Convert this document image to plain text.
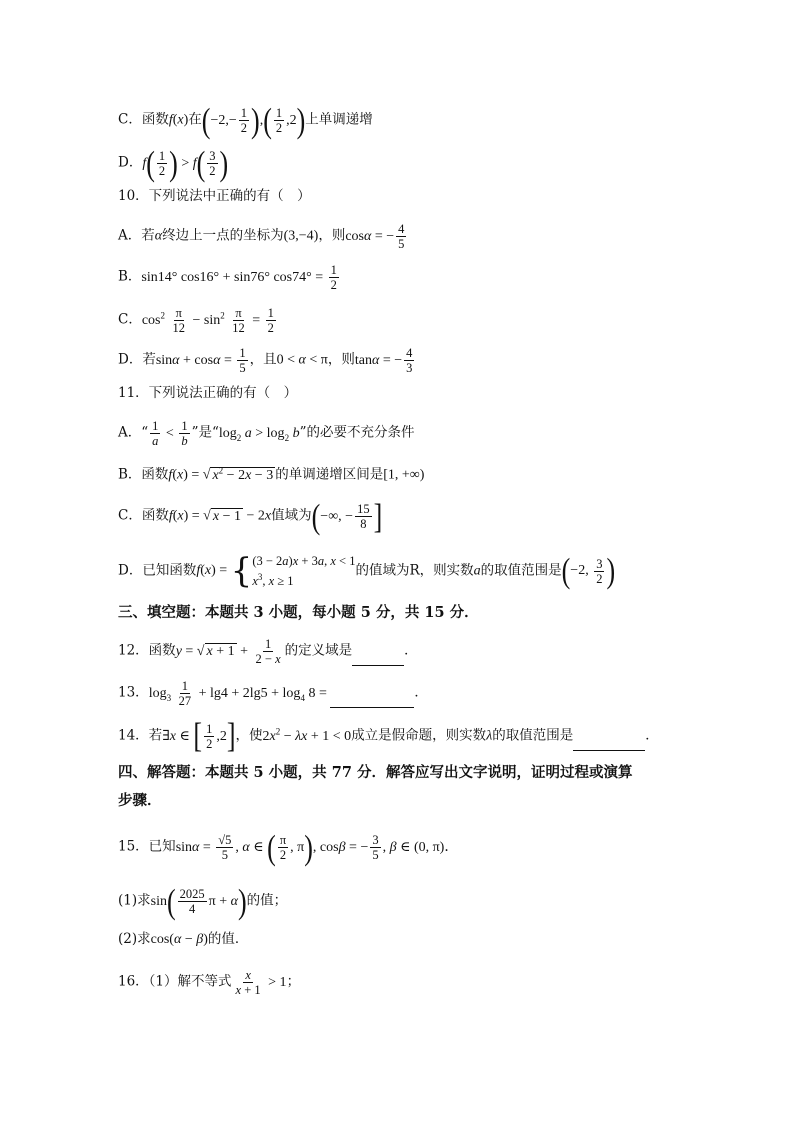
C．函数f(x)在($-2,- \frac{1}{2}$ ),( $\frac{1}{2} ,2$)上单调递增
D．$f( \frac{1}{2}$ ) > $f( \frac{3}{2}$ )
10．下列说法中正确的有（　）
A．若α终边上一点的坐标为(3,−4)，则cosα = − $\frac{4}{5}$
B．sin14° cos16° + sin76° $\cos 74^\circ = \frac{1}{2}$
C．$\cos^2 \frac{\pi}{12} - \sin^2 \frac{\pi}{12} = \frac{1}{2}$
D．若$\sin\alpha + \cos\alpha = \frac{1}{5}$ ，且0 < α < π，则tanα = − $\frac{4}{3}$
11．下列说法正确的有（　）
A．“ $\frac{1}{a} < \frac{1}{b}$ ”是“$\log_2$ $a > \log_2 b$”的必要不充分条件
B．函数f(x) = √ $x^2 - 2x - 3$ 的单调递增区间是[1, +∞)
C．函数f(x) = √ x − 1 − 2x值域为(−∞, − $\frac{15}{8}$ ]
D．已知函数f(x) = { (3 − 2a)x + 3a, x < 1
$x^3$, x ≥ 1
的值域为R，则实数a的取值范围是(−2, $\frac{3}{2}$ )
三、填空题：本题共 3 小题，每小题 5 分，共 15 分．
12．函数y = √ $x + 1 + \frac{1}{2 - x}$ 的定义域是	．
13．$\log_3 \frac{1}{27} + \lg 4 + 2\lg 5 + \log_4 8$ =	．
14．若∃x ∈ [ $\frac{1}{2} ,2$]，使$2x^2 - \lambda x + 1 < 0$成立是假命题，则实数λ的取值范围是	．
四、解答题：本题共 5 小题，共 77 分．解答应写出文字说明，证明过程或演算
步骤．
15．已知$\sin\alpha = \frac{√5}{5}$ , α ∈ ( $\frac{\pi}{2}$ , π), cosβ = − $\frac{3}{5}$ , β ∈ (0, π)．
(1)求$\sin( \frac{2025}{4}$ π + α)的值；
(2)求cos(α − β)的值．
16．（1）解不等式 $\frac{x}{x + 1} > 1$；
